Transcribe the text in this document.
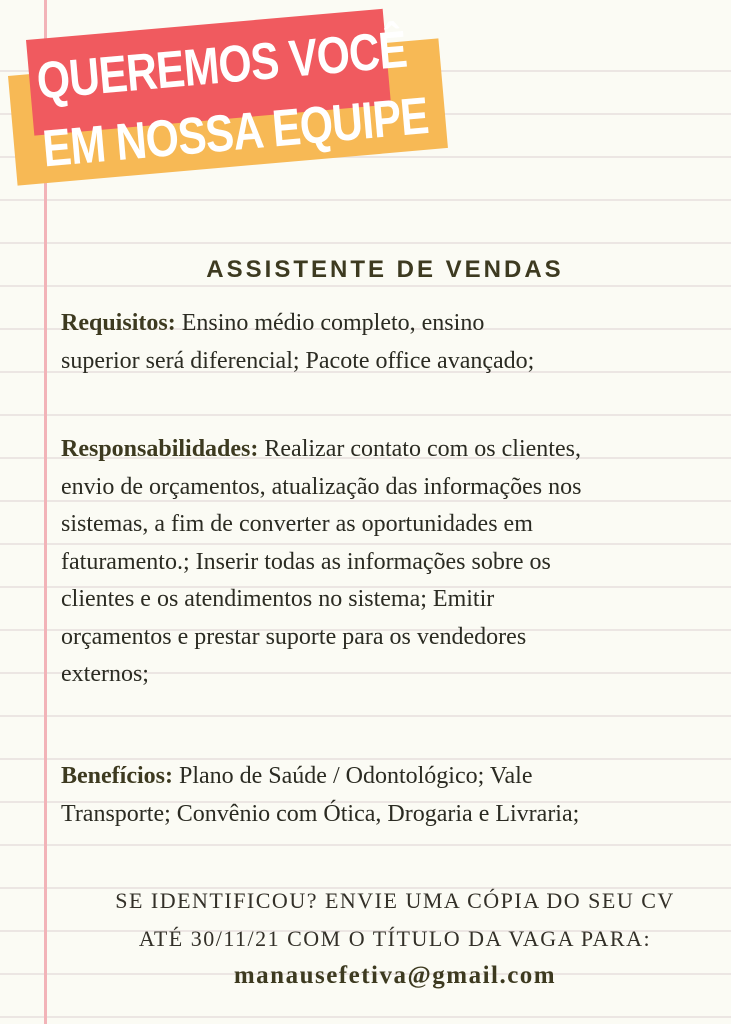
QUEREMOS VOCÊ
EM NOSSA EQUIPE
ASSISTENTE DE VENDAS
Requisitos: Ensino médio completo, ensino
superior será diferencial; Pacote office avançado;
Responsabilidades: Realizar contato com os clientes,
envio de orçamentos, atualização das informações nos
sistemas, a fim de converter as oportunidades em
faturamento.; Inserir todas as informações sobre os
clientes e os atendimentos no sistema; Emitir
orçamentos e prestar suporte para os vendedores
externos;
Benefícios: Plano de Saúde / Odontológico; Vale
Transporte; Convênio com Ótica, Drogaria e Livraria;
SE IDENTIFICOU? ENVIE UMA CÓPIA DO SEU CV
ATÉ 30/11/21 COM O TÍTULO DA VAGA PARA:
manausefetiva@gmail.com
